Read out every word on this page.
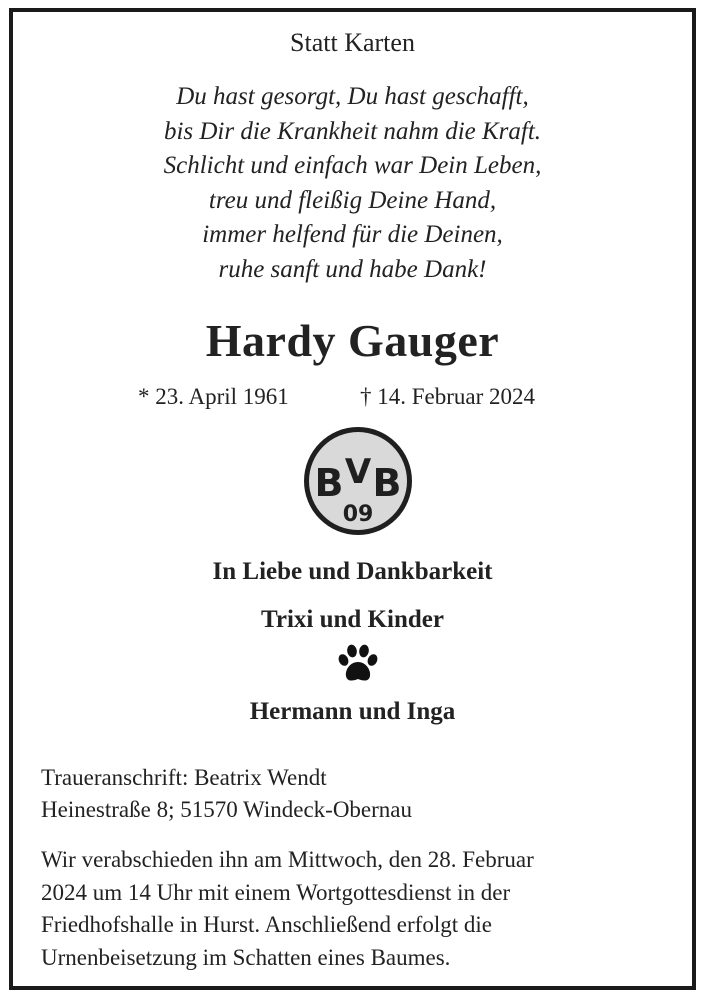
Statt Karten
Du hast gesorgt, Du hast geschafft,
bis Dir die Krankheit nahm die Kraft.
Schlicht und einfach war Dein Leben,
treu und fleißig Deine Hand,
immer helfend für die Deinen,
ruhe sanft und habe Dank!
Hardy Gauger
* 23. April 1961	† 14. Februar 2024
B V B
09
In Liebe und Dankbarkeit
Trixi und Kinder
Hermann und Inga
Traueranschrift: Beatrix Wendt
Heinestraße 8; 51570 Windeck-Obernau
Wir verabschieden ihn am Mittwoch, den 28. Februar
2024 um 14 Uhr mit einem Wortgottesdienst in der
Friedhofshalle in Hurst. Anschließend erfolgt die
Urnenbeisetzung im Schatten eines Baumes.
